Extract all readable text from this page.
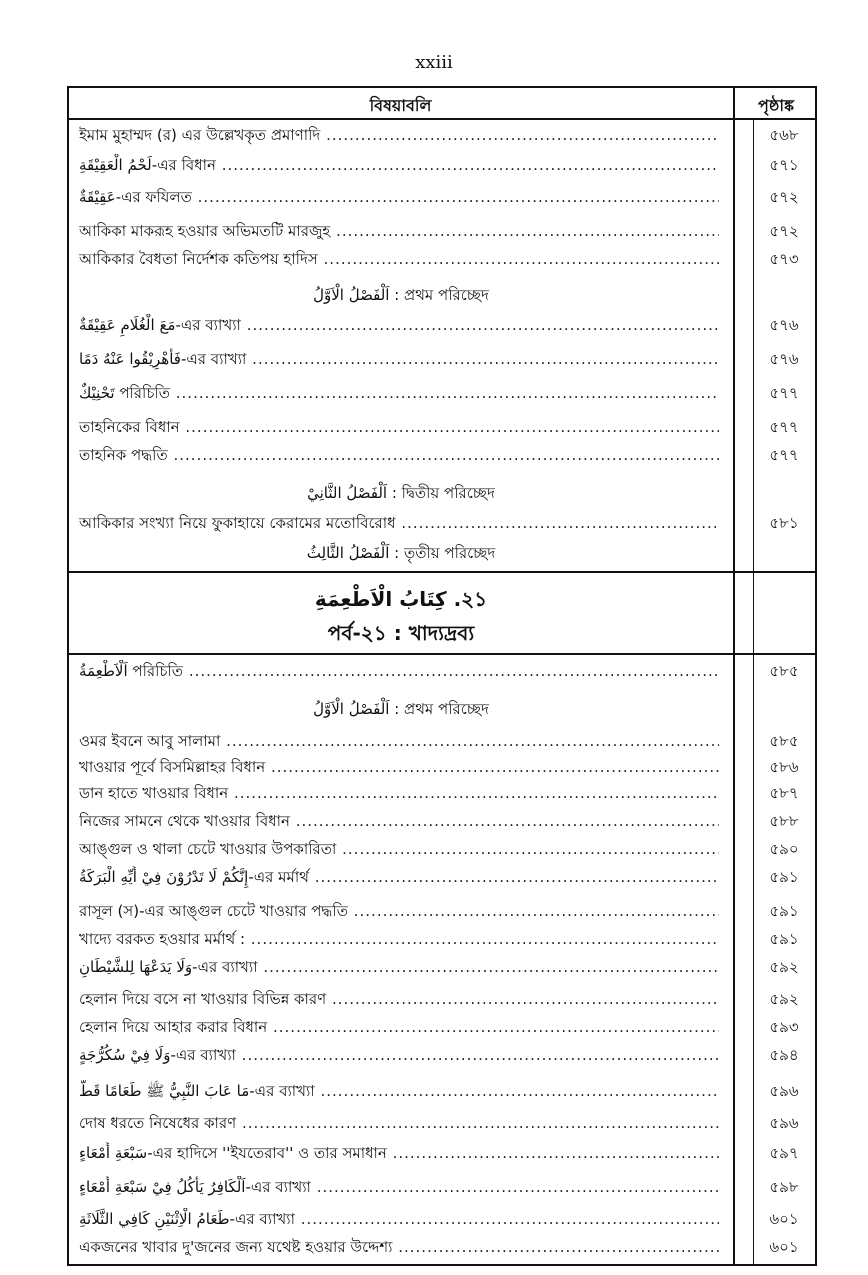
xxiii
বিষয়াবলি	পৃষ্ঠাঙ্ক
ইমাম মুহাম্মদ (র) এর উল্লেখকৃত প্রমাণাদি .....	৫৬৮
لَحْمُ الْعَقِيْقَةِ-এর বিধান .....	৫৭১
عَقِيْقَةٌ-এর ফযিলত .....	৫৭২
আকিকা মাকরূহ হওয়ার অভিমতটি মারজুহ .....	৫৭২
আকিকার বৈধতা নির্দেশক কতিপয় হাদিস .....	৫৭৩
اَلْفَصْلُ الْاَوَّلُ : প্রথম পরিচ্ছেদ
مَعَ الْغُلَامِ عَقِيْقَةٌ-এর ব্যাখ্যা .....	৫৭৬
فَأَهْرِيْقُوا عَنْهُ دَمًا-এর ব্যাখ্যা .....	৫৭৬
تَحْنِيْكٌ পরিচিতি .....	৫৭৭
তাহনিকের বিধান .....	৫৭৭
তাহনিক পদ্ধতি .....	৫৭৭
اَلْفَصْلُ الثَّانِيْ : দ্বিতীয় পরিচ্ছেদ
আকিকার সংখ্যা নিয়ে ফুকাহায়ে কেরামের মতোবিরোধ .....	৫৮১
اَلْفَصْلُ الثَّالِثُ : তৃতীয় পরিচ্ছেদ
২১. كِتَابُ الْاَطْعِمَةِ
পর্ব-২১ : খাদ্যদ্রব্য
اَلْاَطْعِمَةُ পরিচিতি .....	৫৮৫
اَلْفَصْلُ الْاَوَّلُ : প্রথম পরিচ্ছেদ
ওমর ইবনে আবু সালামা .....	৫৮৫
খাওয়ার পূর্বে বিসমিল্লাহর বিধান .....	৫৮৬
ডান হাতে খাওয়ার বিধান .....	৫৮৭
নিজের সামনে থেকে খাওয়ার বিধান .....	৫৮৮
আঙ্গুল ও থালা চেটে খাওয়ার উপকারিতা .....	৫৯০
إِنَّكُمْ لَا تَدْرُوْنَ فِيْ أَيِّهِ الْبَرَكَةُ-এর মর্মার্থ .....	৫৯১
রাসূল (স)-এর আঙ্গুল চেটে খাওয়ার পদ্ধতি .....	৫৯১
খাদ্যে বরকত হওয়ার মর্মার্থ : .....	৫৯১
وَلَا يَدَعْهَا لِلشَّيْطَانِ-এর ব্যাখ্যা .....	৫৯২
হেলান দিয়ে বসে না খাওয়ার বিভিন্ন কারণ .....	৫৯২
হেলান দিয়ে আহার করার বিধান .....	৫৯৩
وَلَا فِيْ سُكُرُّجَةٍ-এর ব্যাখ্যা .....	৫৯৪
مَا عَابَ النَّبِيُّ ﷺ طَعَامًا قَطُّ-এর ব্যাখ্যা .....	৫৯৬
দোষ ধরতে নিষেধের কারণ .....	৫৯৬
سَبْعَةِ أَمْعَاءٍ-এর হাদিসে ''ইযতেরাব'' ও তার সমাধান .....	৫৯৭
اَلْكَافِرُ يَأْكُلُ فِيْ سَبْعَةِ أَمْعَاءٍ-এর ব্যাখ্যা .....	৫৯৮
طَعَامُ الْاِثْنَيْنِ كَافِي الثَّلَاثَةِ-এর ব্যাখ্যা .....	৬০১
একজনের খাবার দু'জনের জন্য যথেষ্ট হওয়ার উদ্দেশ্য .....	৬০১
